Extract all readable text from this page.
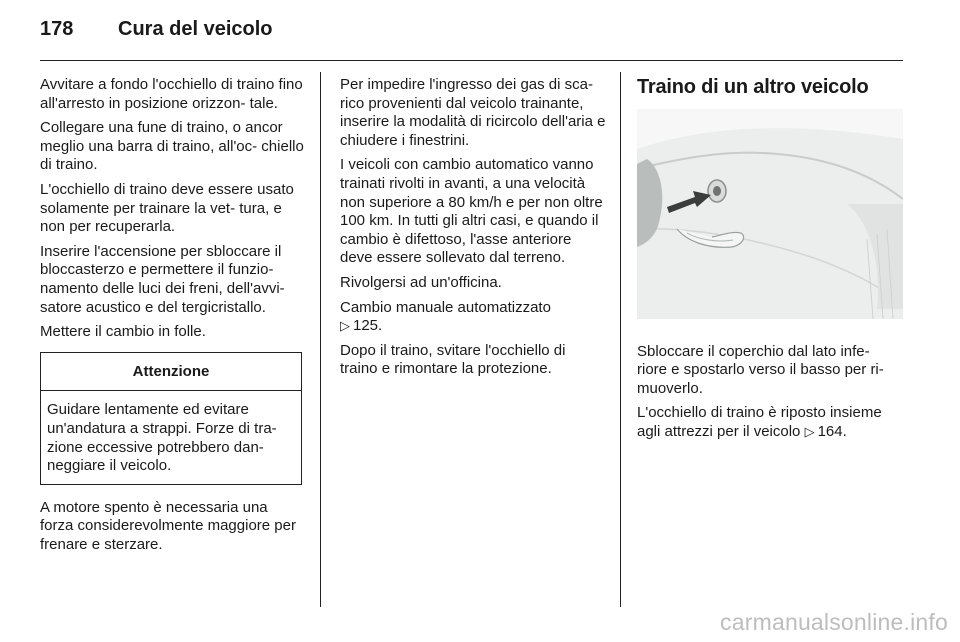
178	Cura del veicolo

Avvitare a fondo l'occhiello di traino fino all'arresto in posizione orizzon‑ tale.

Collegare una fune di traino, o ancor meglio una barra di traino, all'oc‑ chiello di traino.

L'occhiello di traino deve essere usato solamente per trainare la vet‑ tura, e non per recuperarla.

Inserire l'accensione per sbloccare il bloccasterzo e permettere il funzio‑ namento delle luci dei freni, dell'avvi‑ satore acustico e del tergicristallo.

Mettere il cambio in folle.

Attenzione
Guidare lentamente ed evitare un'andatura a strappi. Forze di tra‑ zione eccessive potrebbero dan‑ neggiare il veicolo.

A motore spento è necessaria una forza considerevolmente maggiore per frenare e sterzare.

Per impedire l'ingresso dei gas di sca‑ rico provenienti dal veicolo trainante, inserire la modalità di ricircolo dell'aria e chiudere i finestrini.

I veicoli con cambio automatico vanno trainati rivolti in avanti, a una velocità non superiore a 80 km/h e per non oltre 100 km. In tutti gli altri casi, e quando il cambio è difettoso, l'asse anteriore deve essere sollevato dal terreno.

Rivolgersi ad un'officina.

Cambio manuale automatizzato
▷ 125.

Dopo il traino, svitare l'occhiello di traino e rimontare la protezione.

Traino di un altro veicolo

Sbloccare il coperchio dal lato infe‑ riore e spostarlo verso il basso per ri‑ muoverlo.

L'occhiello di traino è riposto insieme agli attrezzi per il veicolo ▷ 164.

carmanualsonline.info
